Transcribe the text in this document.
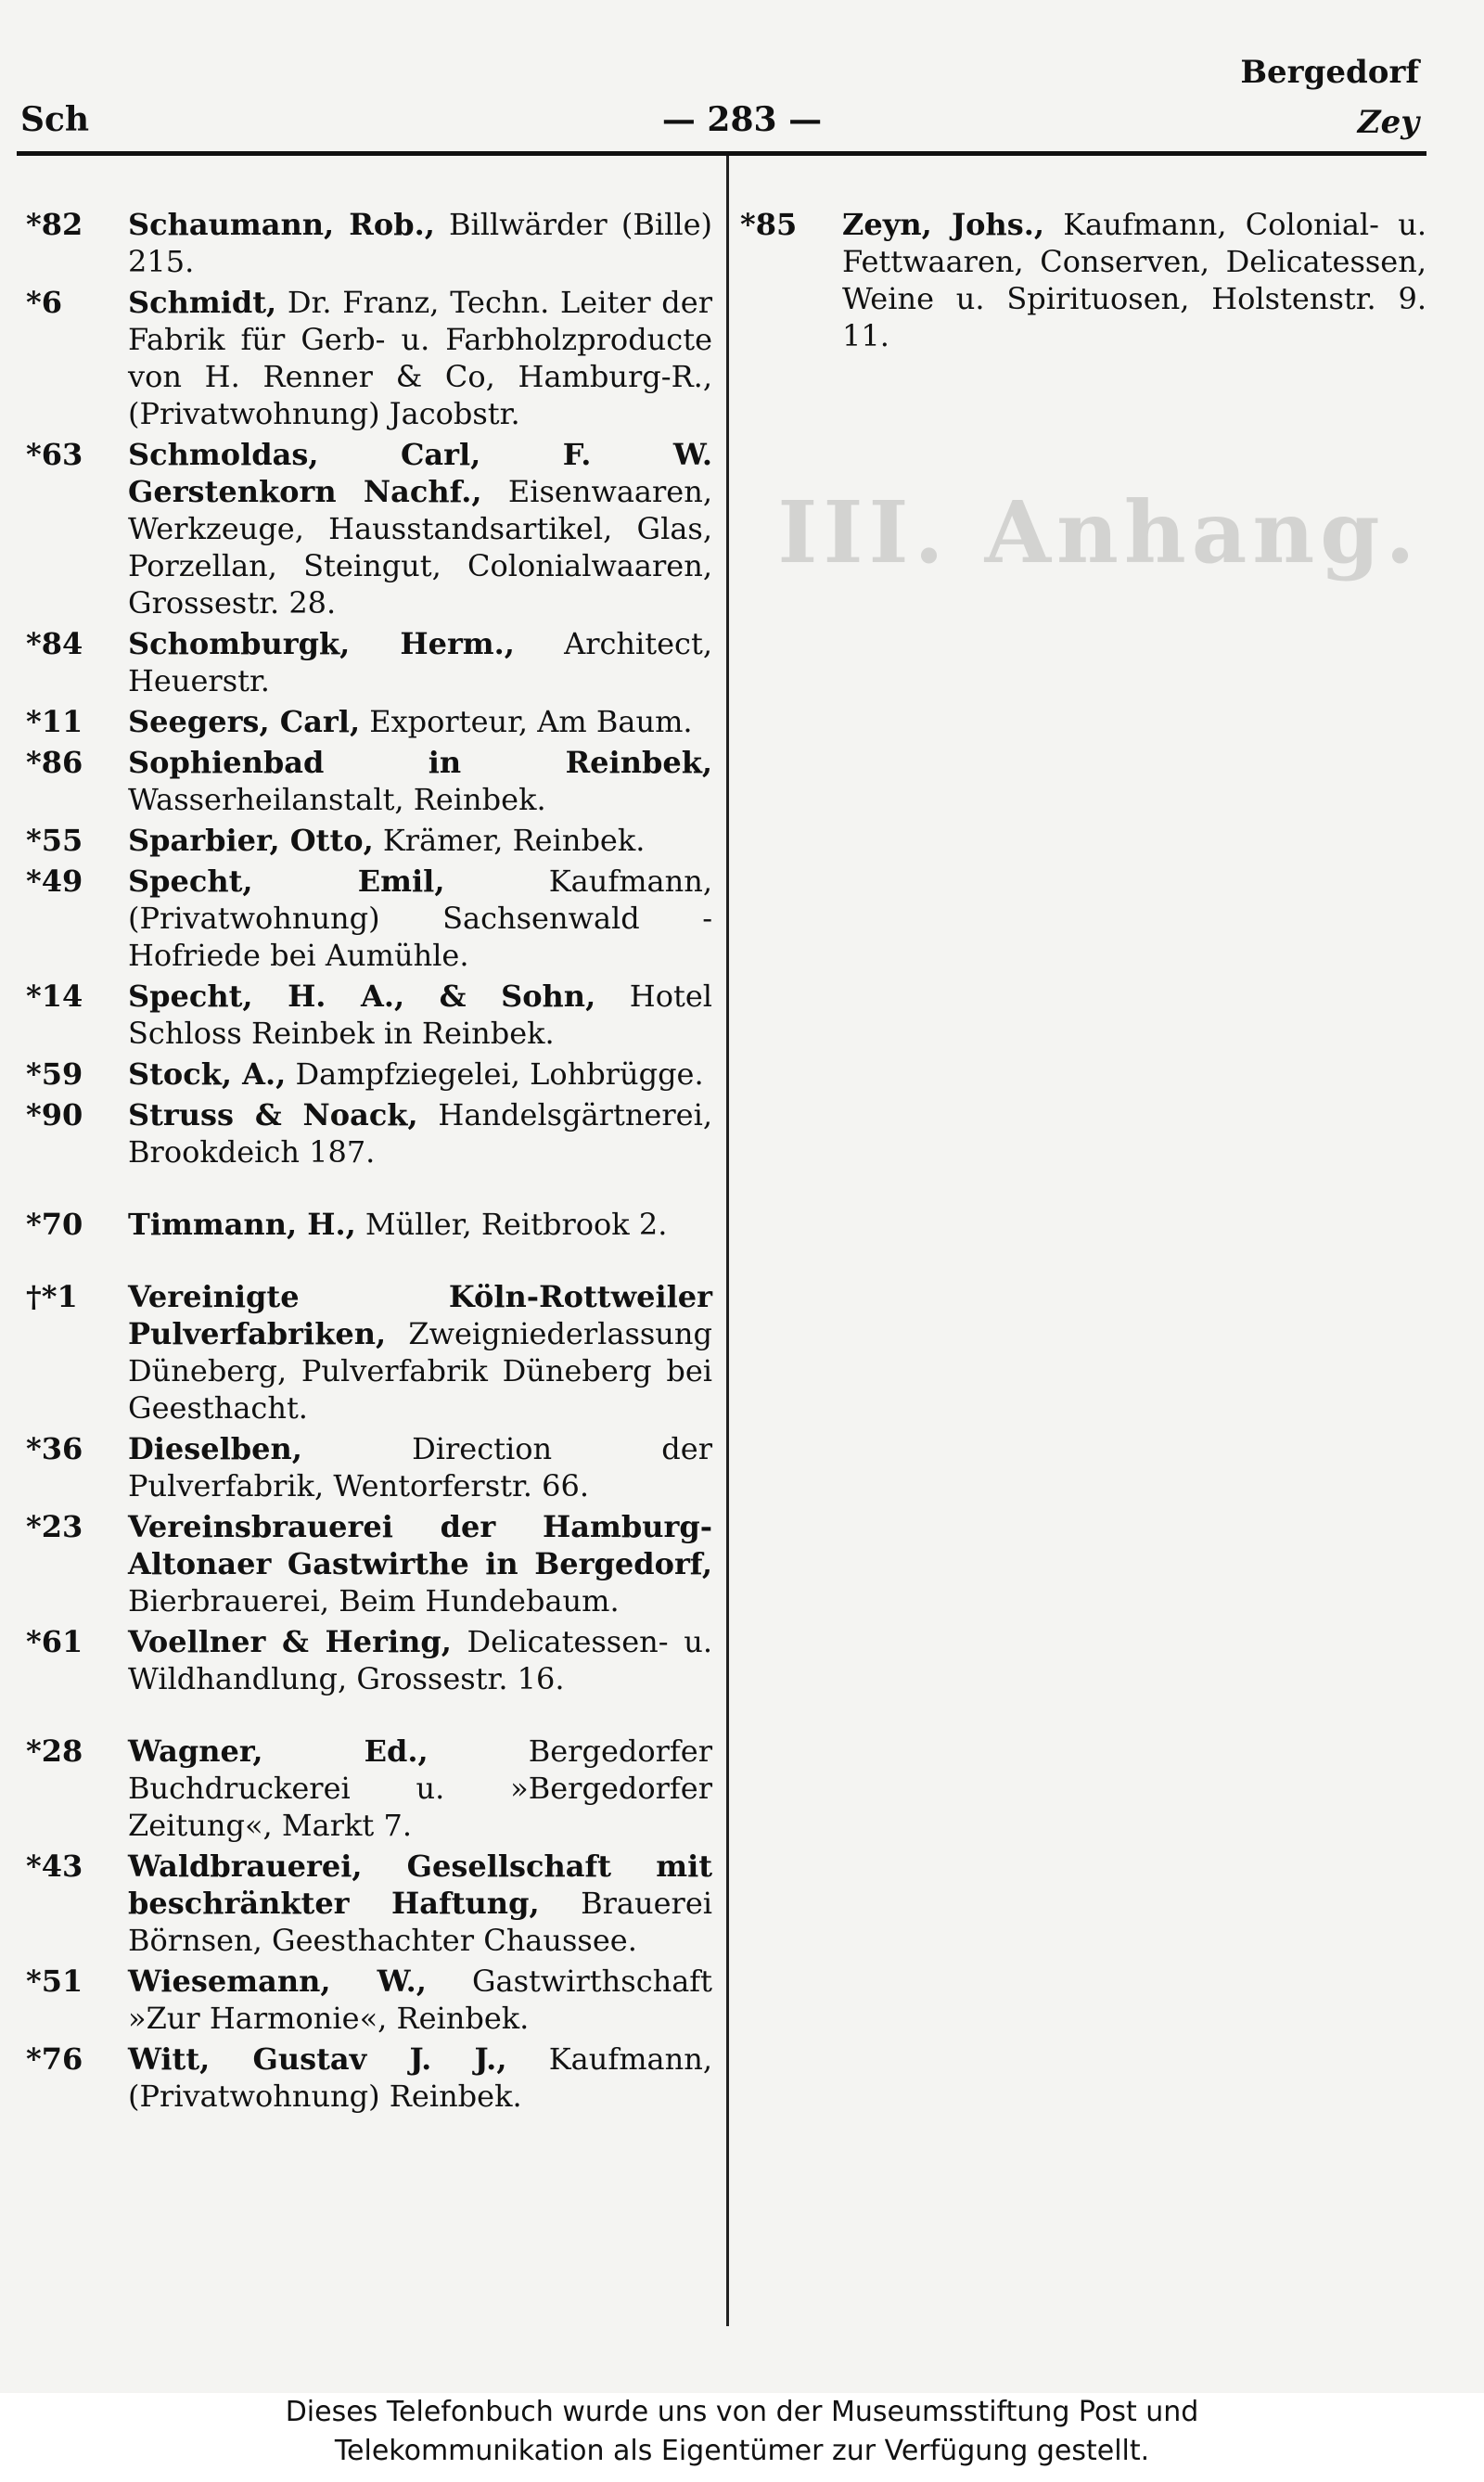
Sch	— 283 —
Bergedorf
Zey
III. Anhang.
*82	Schaumann, Rob., Billwärder (Bille) 215.
*6	Schmidt, Dr. Franz, Techn. Leiter der Fabrik für Gerb- u. Farbholzproducte von H. Renner & Co, Hamburg-R., (Privatwohnung) Jacobstr.
*63	Schmoldas, Carl, F. W. Gerstenkorn Nachf., Eisenwaaren, Werkzeuge, Hausstandsartikel, Glas, Porzellan, Steingut, Colonialwaaren, Grossestr. 28.
*84	Schomburgk, Herm., Architect, Heuerstr.
*11	Seegers, Carl, Exporteur, Am Baum.
*86	Sophienbad in Reinbek, Wasserheilanstalt, Reinbek.
*55	Sparbier, Otto, Krämer, Reinbek.
*49	Specht, Emil, Kaufmann, (Privatwohnung) Sachsenwald - Hofriede bei Aumühle.
*14	Specht, H. A., & Sohn, Hotel Schloss Reinbek in Reinbek.
*59	Stock, A., Dampfziegelei, Lohbrügge.
*90	Struss & Noack, Handelsgärtnerei, Brookdeich 187.
*70	Timmann, H., Müller, Reitbrook 2.
†*1	Vereinigte Köln-Rottweiler Pulverfabriken, Zweigniederlassung Düneberg, Pulverfabrik Düneberg bei Geesthacht.
*36	Dieselben, Direction der Pulverfabrik, Wentorferstr. 66.
*23	Vereinsbrauerei der Hamburg-Altonaer Gastwirthe in Bergedorf, Bierbrauerei, Beim Hundebaum.
*61	Voellner & Hering, Delicatessen- u. Wildhandlung, Grossestr. 16.
*28	Wagner, Ed., Bergedorfer Buchdruckerei u. »Bergedorfer Zeitung«, Markt 7.
*43	Waldbrauerei, Gesellschaft mit beschränkter Haftung, Brauerei Börnsen, Geesthachter Chaussee.
*51	Wiesemann, W., Gastwirthschaft »Zur Harmonie«, Reinbek.
*76	Witt, Gustav J. J., Kaufmann, (Privatwohnung) Reinbek.
*85	Zeyn, Johs., Kaufmann, Colonial- u. Fettwaaren, Conserven, Delicatessen, Weine u. Spirituosen, Holstenstr. 9. 11.
Dieses Telefonbuch wurde uns von der Museumsstiftung Post und
Telekommunikation als Eigentümer zur Verfügung gestellt.
